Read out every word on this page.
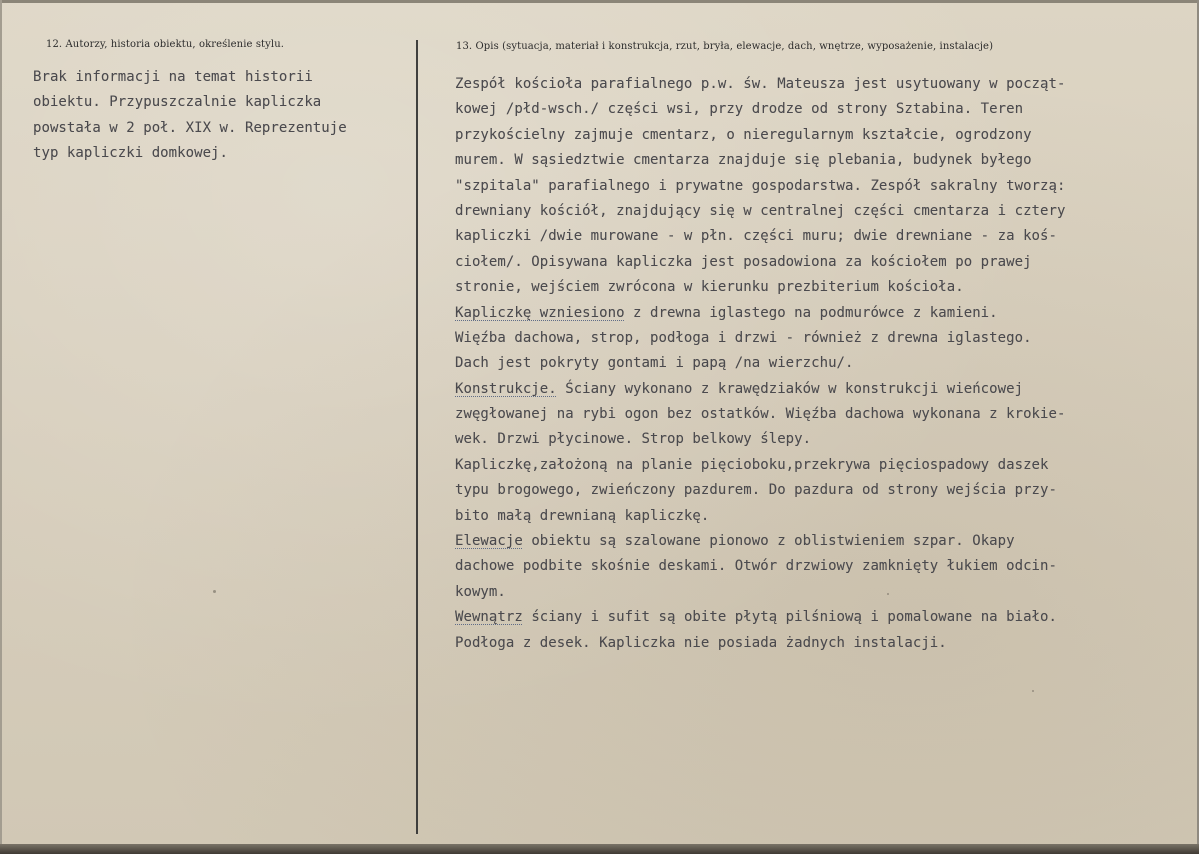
12. Autorzy, historia obiektu, określenie stylu.	13. Opis (sytuacja, materiał i konstrukcja, rzut, bryła, elewacje, dach, wnętrze, wyposażenie, instalacje)
Brak informacji na temat historii
obiektu. Przypuszczalnie kapliczka
powstała w 2 poł. XIX w. Reprezentuje
typ kapliczki domkowej.
Zespół kościoła parafialnego p.w. św. Mateusza jest usytuowany w począt-
kowej /płd-wsch./ części wsi, przy drodze od strony Sztabina. Teren
przykościelny zajmuje cmentarz, o nieregularnym kształcie, ogrodzony
murem. W sąsiedztwie cmentarza znajduje się plebania, budynek byłego
"szpitala" parafialnego i prywatne gospodarstwa. Zespół sakralny tworzą:
drewniany kościół, znajdujący się w centralnej części cmentarza i cztery
kapliczki /dwie murowane - w płn. części muru; dwie drewniane - za koś-
ciołem/. Opisywana kapliczka jest posadowiona za kościołem po prawej
stronie, wejściem zwrócona w kierunku prezbiterium kościoła.
Kapliczkę wzniesiono z drewna iglastego na podmurówce z kamieni.
Więźba dachowa, strop, podłoga i drzwi - również z drewna iglastego.
Dach jest pokryty gontami i papą /na wierzchu/.
Konstrukcje. Ściany wykonano z krawędziaków w konstrukcji wieńcowej
zwęgłowanej na rybi ogon bez ostatków. Więźba dachowa wykonana z krokie-
wek. Drzwi płycinowe. Strop belkowy ślepy.
Kapliczkę,założoną na planie pięcioboku,przekrywa pięciospadowy daszek
typu brogowego, zwieńczony pazdurem. Do pazdura od strony wejścia przy-
bito małą drewnianą kapliczkę.
Elewacje obiektu są szalowane pionowo z oblistwieniem szpar. Okapy
dachowe podbite skośnie deskami. Otwór drzwiowy zamknięty łukiem odcin-
kowym.
Wewnątrz ściany i sufit są obite płytą pilśniową i pomalowane na biało.
Podłoga z desek. Kapliczka nie posiada żadnych instalacji.
